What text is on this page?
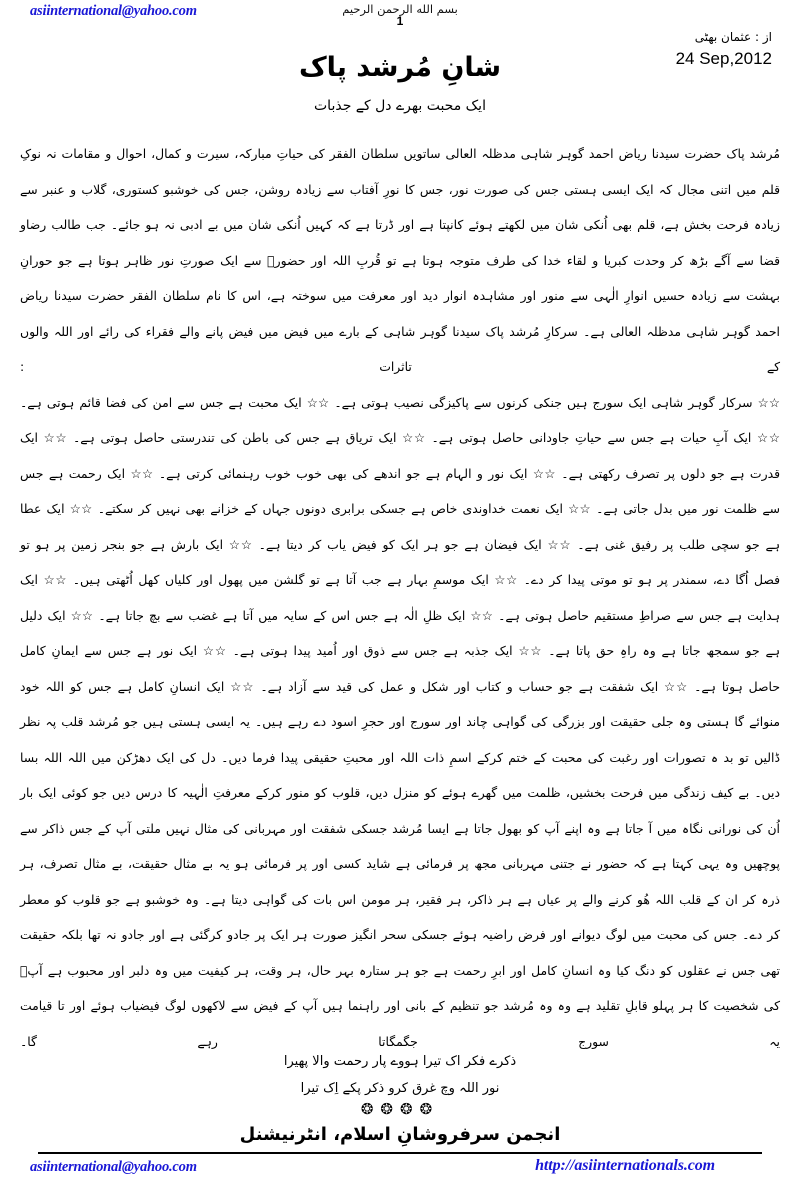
asiinternational@yahoo.com	بسم الله الرحمن الرحيم
1
از : عثمان بھٹی
24 Sep,2012
شانِ مُرشد پاک
ایک محبت بھرے دل کے جذبات

مُرشد پاک حضرت سیدنا ریاض احمد گوہر شاہی مدظلہ العالی ساتویں سلطان الفقر کی حیاتِ مبارکہ، سیرت و کمال، احوال و مقامات نہ نوکِ قلم میں اتنی مجال کہ ایک ایسی ہستی جس کی صورت نور، جس کا نورِ آفتاب سے زیادہ روشن، جس کی خوشبو کستوری، گلاب و عنبر سے زیادہ فرحت بخش ہے، قلم بھی اُنکی شان میں لکھتے ہوئے کانپتا ہے اور ڈرتا ہے کہ کہیں اُنکی شان میں بے ادبی نہ ہو جائے۔ جب طالب رضاو قضا سے آگے بڑھ کر وحدت کبریا و لقاء خدا کی طرف متوجہ ہوتا ہے تو قُربِ اللہ اور حضورؐ سے ایک صورتِ نور ظاہر ہوتا ہے جو حورانِ بہشت سے زیادہ حسیں انوارِ الٰہی سے منور اور مشاہدہ انوار دید اور معرفت میں سوختہ ہے، اس کا نام سلطان الفقر حضرت سیدنا ریاض احمد گوہر شاہی مدظلہ العالی ہے۔ سرکارِ مُرشد پاک سیدنا گوہر شاہی کے بارے میں فیض میں فیض پانے والے فقراء کی رائے اور اللہ والوں کے تاثرات :

☆☆ سرکار گوہر شاہی ایک سورج ہیں جنکی کرنوں سے پاکیزگی نصیب ہوتی ہے۔ ☆☆ ایک محبت ہے جس سے امن کی فضا قائم ہوتی ہے۔ ☆☆ ایک آبِ حیات ہے جس سے حیاتِ جاودانی حاصل ہوتی ہے۔ ☆☆ ایک تریاق ہے جس کی باطن کی تندرستی حاصل ہوتی ہے۔ ☆☆ ایک قدرت ہے جو دلوں پر تصرف رکھتی ہے۔ ☆☆ ایک نور و الہام ہے جو اندھے کی بھی خوب خوب رہنمائی کرتی ہے۔ ☆☆ ایک رحمت ہے جس سے ظلمت نور میں بدل جاتی ہے۔ ☆☆ ایک نعمت خداوندی خاص ہے جسکی برابری دونوں جہاں کے خزانے بھی نہیں کر سکتے۔ ☆☆ ایک عطا ہے جو سچی طلب پر رفیق غنی ہے۔ ☆☆ ایک فیضان ہے جو ہر ایک کو فیض یاب کر دیتا ہے۔ ☆☆ ایک بارش ہے جو بنجر زمین پر ہو تو فصل اُگا دے، سمندر پر ہو تو موتی پیدا کر دے۔ ☆☆ ایک موسمِ بہار ہے جب آتا ہے تو گلشن میں پھول اور کلیاں کھل اُٹھتی ہیں۔ ☆☆ ایک ہدایت ہے جس سے صراطِ مستقیم حاصل ہوتی ہے۔ ☆☆ ایک ظلِ الٰہ ہے جس اس کے سایہ میں آتا ہے غضب سے بچ جاتا ہے۔ ☆☆ ایک دلیل ہے جو سمجھ جاتا ہے وہ راہِ حق پاتا ہے۔ ☆☆ ایک جذبہ ہے جس سے ذوق اور اُمید پیدا ہوتی ہے۔ ☆☆ ایک نور ہے جس سے ایمانِ کامل حاصل ہوتا ہے۔ ☆☆ ایک شفقت ہے جو حساب و کتاب اور شکل و عمل کی قید سے آزاد ہے۔ ☆☆ ایک انسانِ کامل ہے جس کو اللہ خود منوائے گا ہستی وہ جلی حقیقت اور بزرگی کی گواہی چاند اور سورج اور حجرِ اسود دے رہے ہیں۔ یہ ایسی ہستی ہیں جو مُرشد قلب پہ نظر ڈالیں تو بد ہ تصورات اور رغبت کی محبت کے ختم کرکے اسمِ ذات اللہ اور محبتِ حقیقی پیدا فرما دیں۔ دل کی ایک دھڑکن میں اللہ اللہ بسا دیں۔ بے کیف زندگی میں فرحت بخشیں، ظلمت میں گھرے ہوئے کو منزل دیں، قلوب کو منور کرکے معرفتِ الٰہیہ کا درس دیں جو کوئی ایک بار اُن کی نورانی نگاہ میں آ جاتا ہے وہ اپنے آپ کو بھول جاتا ہے ایسا مُرشد جسکی شفقت اور مہربانی کی مثال نہیں ملتی آپ کے جس ذاکر سے پوچھیں وہ یہی کہتا ہے کہ حضور نے جتنی مہربانی مجھ پر فرمائی ہے شاید کسی اور پر فرمائی ہو یہ بے مثال حقیقت، بے مثال تصرف، ہر ذرہ کر ان کے قلب اللہ ھُو کرنے والے پر عیاں ہے ہر ذاکر، ہر فقیر، ہر مومن اس بات کی گواہی دیتا ہے۔ وہ خوشبو ہے جو قلوب کو معطر کر دے۔ جس کی محبت میں لوگ دیوانے اور فرض راضیہ ہوئے جسکی سحر انگیز صورت ہر ایک پر جادو کرگئی ہے اور جادو نہ تھا بلکہ حقیقت تھی جس نے عقلوں کو دنگ کیا وہ انسانِ کامل اور ابرِ رحمت ہے جو ہر ستارہ بہر حال، ہر وقت، ہر کیفیت میں وہ دلبر اور محبوب ہے آپؐ کی شخصیت کا ہر پہلو قابلِ تقلید ہے وہ وہ مُرشد جو تنظیم کے بانی اور راہنما ہیں آپ کے فیض سے لاکھوں لوگ فیضیاب ہوئے اور تا قیامت یہ سورج جگمگاتا رہے گا۔

ذکرے فکر اک تیرا ہووے پار رحمت والا پھیرا
نور اللہ وچ غرق کرو ذکر پکے اِک تیرا
❂❂❂❂
انجمن سرفروشانِ اسلام، انٹرنیشنل
asiinternational@yahoo.com	http://asiinternationals.com
